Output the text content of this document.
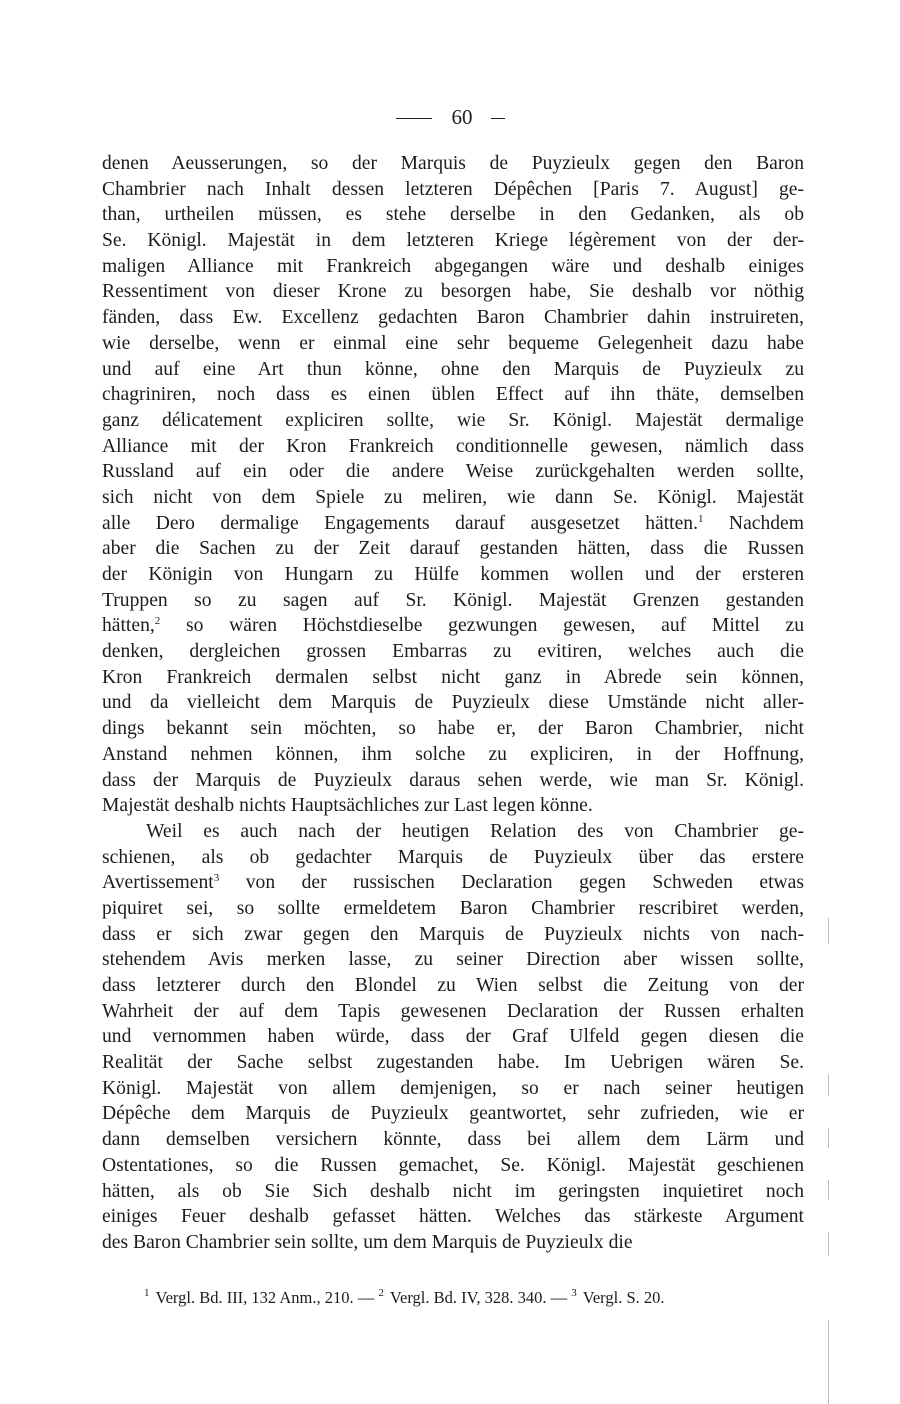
60
denen Aeusserungen, so der Marquis de Puyzieulx gegen den Baron
Chambrier nach Inhalt dessen letzteren Dépêchen [Paris 7. August] ge-
than, urtheilen müssen, es stehe derselbe in den Gedanken, als ob
Se. Königl. Majestät in dem letzteren Kriege légèrement von der der-
maligen Alliance mit Frankreich abgegangen wäre und deshalb einiges
Ressentiment von dieser Krone zu besorgen habe, Sie deshalb vor nöthig
fänden, dass Ew. Excellenz gedachten Baron Chambrier dahin instruireten,
wie derselbe, wenn er einmal eine sehr bequeme Gelegenheit dazu habe
und auf eine Art thun könne, ohne den Marquis de Puyzieulx zu
chagriniren, noch dass es einen üblen Effect auf ihn thäte, demselben
ganz délicatement expliciren sollte, wie Sr. Königl. Majestät dermalige
Alliance mit der Kron Frankreich conditionnelle gewesen, nämlich dass
Russland auf ein oder die andere Weise zurückgehalten werden sollte,
sich nicht von dem Spiele zu meliren, wie dann Se. Königl. Majestät
alle Dero dermalige Engagements darauf ausgesetzet hätten.$^1$ Nachdem
aber die Sachen zu der Zeit darauf gestanden hätten, dass die Russen
der Königin von Hungarn zu Hülfe kommen wollen und der ersteren
Truppen so zu sagen auf Sr. Königl. Majestät Grenzen gestanden
hätten,$^2$ so wären Höchstdieselbe gezwungen gewesen, auf Mittel zu
denken, dergleichen grossen Embarras zu evitiren, welches auch die
Kron Frankreich dermalen selbst nicht ganz in Abrede sein können,
und da vielleicht dem Marquis de Puyzieulx diese Umstände nicht aller-
dings bekannt sein möchten, so habe er, der Baron Chambrier, nicht
Anstand nehmen können, ihm solche zu expliciren, in der Hoffnung,
dass der Marquis de Puyzieulx daraus sehen werde, wie man Sr. Königl.
Majestät deshalb nichts Hauptsächliches zur Last legen könne.
Weil es auch nach der heutigen Relation des von Chambrier ge-
schienen, als ob gedachter Marquis de Puyzieulx über das erstere
Avertissement$^3$ von der russischen Declaration gegen Schweden etwas
piquiret sei, so sollte ermeldetem Baron Chambrier rescribiret werden,
dass er sich zwar gegen den Marquis de Puyzieulx nichts von nach-
stehendem Avis merken lasse, zu seiner Direction aber wissen sollte,
dass letzterer durch den Blondel zu Wien selbst die Zeitung von der
Wahrheit der auf dem Tapis gewesenen Declaration der Russen erhalten
und vernommen haben würde, dass der Graf Ulfeld gegen diesen die
Realität der Sache selbst zugestanden habe. Im Uebrigen wären Se.
Königl. Majestät von allem demjenigen, so er nach seiner heutigen
Dépêche dem Marquis de Puyzieulx geantwortet, sehr zufrieden, wie er
dann demselben versichern könnte, dass bei allem dem Lärm und
Ostentationes, so die Russen gemachet, Se. Königl. Majestät geschienen
hätten, als ob Sie Sich deshalb nicht im geringsten inquietiret noch
einiges Feuer deshalb gefasset hätten. Welches das stärkeste Argument
des Baron Chambrier sein sollte, um dem Marquis de Puyzieulx die
$^1$ Vergl. Bd. III, 132 Anm., 210. — $^2$ Vergl. Bd. IV, 328. 340. — $^3$ Vergl. S. 20.
